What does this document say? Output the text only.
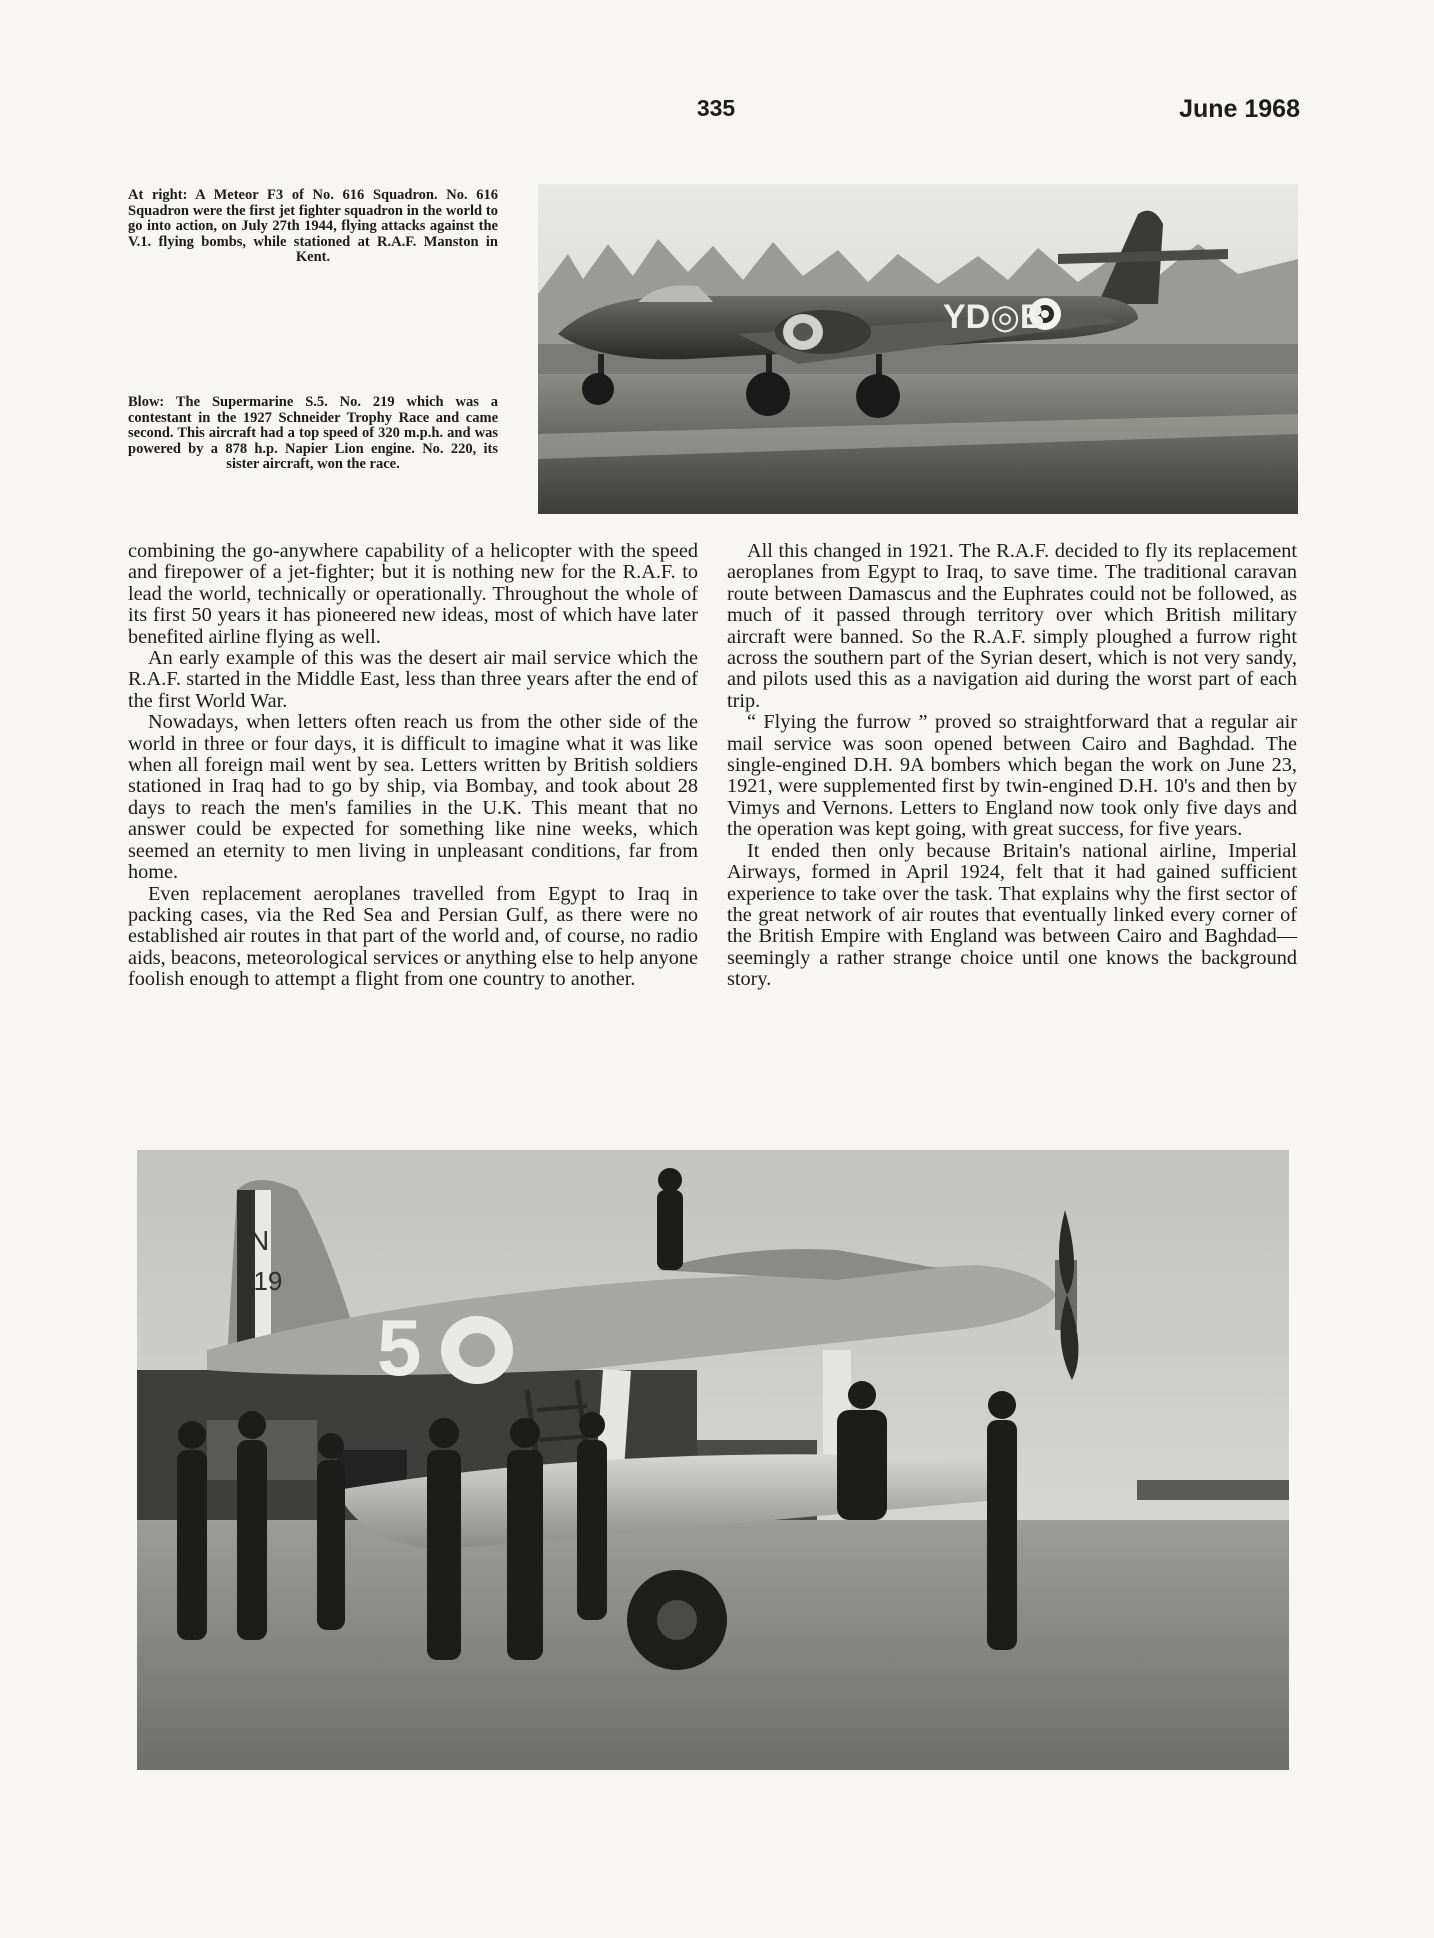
335	June 1968
At right: A Meteor F3 of No. 616 Squadron. No. 616 Squadron were the first jet fighter squadron in the world to go into action, on July 27th 1944, flying attacks against the V.1. flying bombs, while stationed at R.A.F. Manston in Kent.
Blow: The Supermarine S.5. No. 219 which was a contestant in the 1927 Schneider Trophy Race and came second. This aircraft had a top speed of 320 m.p.h. and was powered by a 878 h.p. Napier Lion engine. No. 220, its sister aircraft, won the race.
YD◎B

combining the go-anywhere capability of a helicopter with the speed and firepower of a jet-fighter; but it is nothing new for the R.A.F. to lead the world, technically or operationally. Throughout the whole of its first 50 years it has pioneered new ideas, most of which have later benefited airline flying as well.

An early example of this was the desert air mail service which the R.A.F. started in the Middle East, less than three years after the end of the first World War.

Nowadays, when letters often reach us from the other side of the world in three or four days, it is difficult to imagine what it was like when all foreign mail went by sea. Letters written by British soldiers stationed in Iraq had to go by ship, via Bombay, and took about 28 days to reach the men's families in the U.K. This meant that no answer could be expected for something like nine weeks, which seemed an eternity to men living in unpleasant conditions, far from home.

Even replacement aeroplanes travelled from Egypt to Iraq in packing cases, via the Red Sea and Persian Gulf, as there were no established air routes in that part of the world and, of course, no radio aids, beacons, meteorological services or anything else to help anyone foolish enough to attempt a flight from one country to another.

All this changed in 1921. The R.A.F. decided to fly its replacement aeroplanes from Egypt to Iraq, to save time. The traditional caravan route between Damascus and the Euphrates could not be followed, as much of it passed through territory over which British military aircraft were banned. So the R.A.F. simply ploughed a furrow right across the southern part of the Syrian desert, which is not very sandy, and pilots used this as a navigation aid during the worst part of each trip.

“ Flying the furrow ” proved so straightforward that a regular air mail service was soon opened between Cairo and Baghdad. The single-engined D.H. 9A bombers which began the work on June 23, 1921, were supplemented first by twin-engined D.H. 10's and then by Vimys and Vernons. Letters to England now took only five days and the operation was kept going, with great success, for five years.

It ended then only because Britain's national airline, Imperial Airways, formed in April 1924, felt that it had gained sufficient experience to take over the task. That explains why the first sector of the great network of air routes that eventually linked every corner of the British Empire with England was between Cairo and Baghdad—seemingly a rather strange choice until one knows the background story.

N
219
5
